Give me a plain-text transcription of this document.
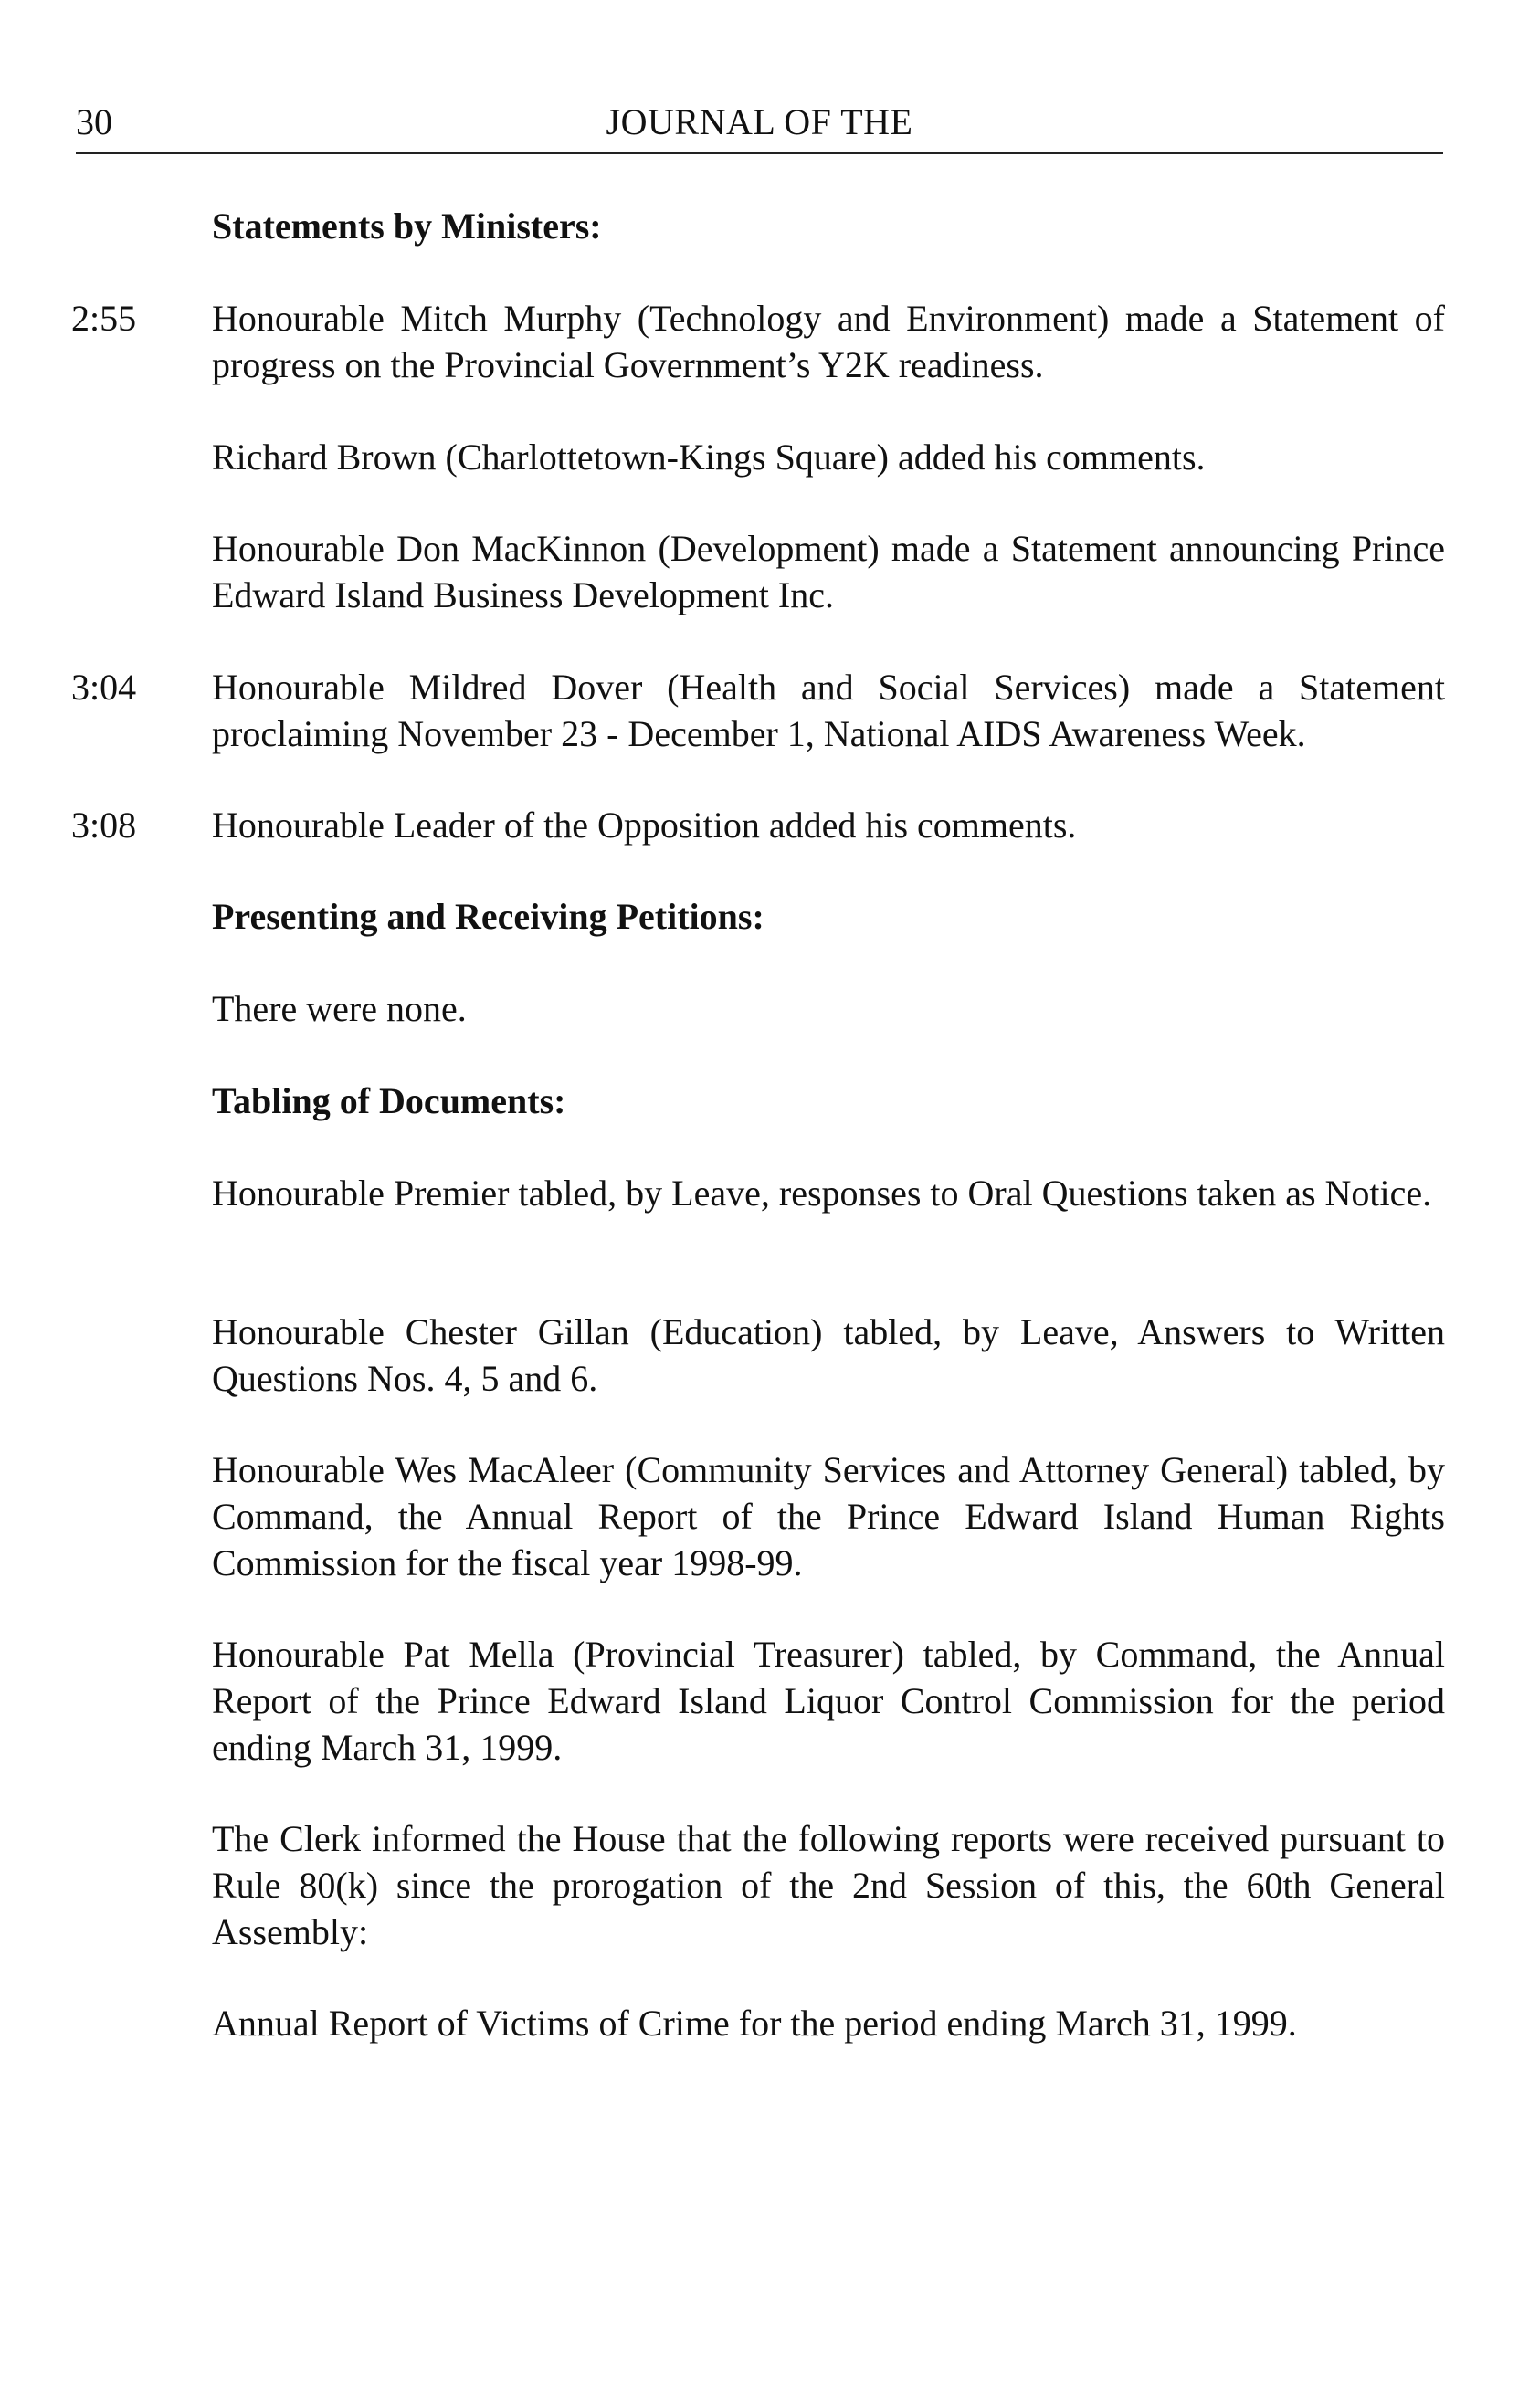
30	JOURNAL OF THE
Statements by Ministers:
2:55 Honourable Mitch Murphy (Technology and Environment) made a Statement of progress on the Provincial Government’s Y2K readiness.
Richard Brown (Charlottetown-Kings Square) added his comments.
Honourable Don MacKinnon (Development) made a Statement announcing Prince Edward Island Business Development Inc.
3:04 Honourable Mildred Dover (Health and Social Services) made a Statement proclaiming November 23 - December 1, National AIDS Awareness Week.
3:08 Honourable Leader of the Opposition added his comments.
Presenting and Receiving Petitions:
There were none.
Tabling of Documents:
Honourable Premier tabled, by Leave, responses to Oral Questions taken as Notice.
Honourable Chester Gillan (Education) tabled, by Leave, Answers to Written Questions Nos. 4, 5 and 6.
Honourable Wes MacAleer (Community Services and Attorney General) tabled, by Command, the Annual Report of the Prince Edward Island Human Rights Commission for the fiscal year 1998-99.
Honourable Pat Mella (Provincial Treasurer) tabled, by Command, the Annual Report of the Prince Edward Island Liquor Control Commission for the period ending March 31, 1999.
The Clerk informed the House that the following reports were received pursuant to Rule 80(k) since the prorogation of the 2nd Session of this, the 60th General Assembly:
Annual Report of Victims of Crime for the period ending March 31, 1999.
